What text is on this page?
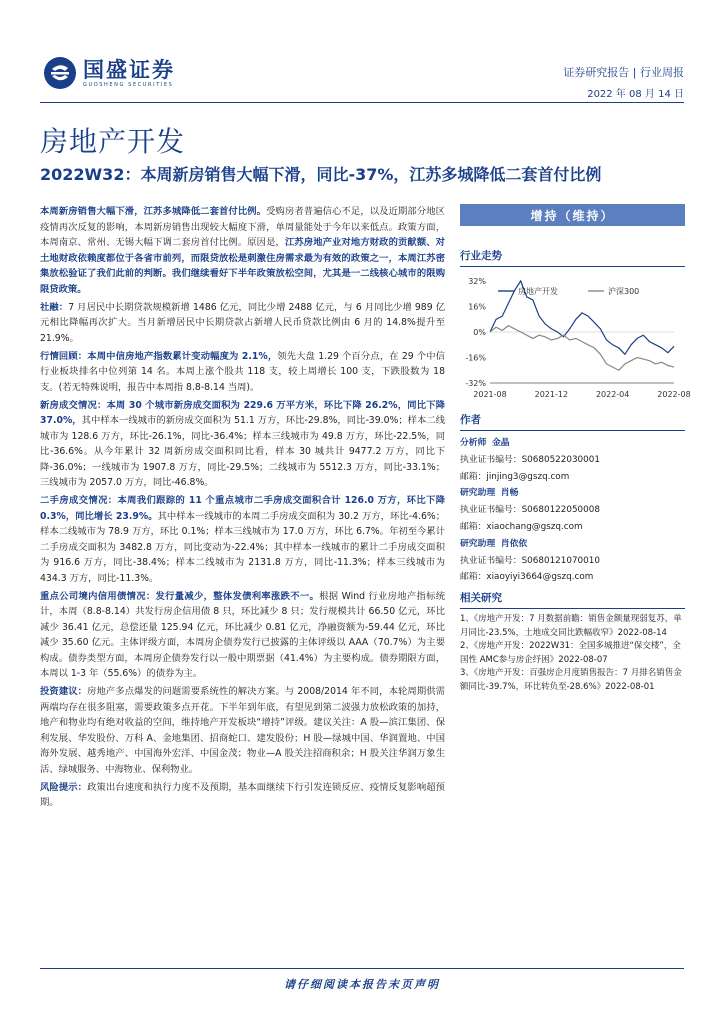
国盛证券
GUOSHENG SECURITIES
证券研究报告 | 行业周报
2022 年 08 月 14 日
房地产开发
2022W32：本周新房销售大幅下滑，同比-37%，江苏多城降低二套首付比例

本周新房销售大幅下滑，江苏多城降低二套首付比例。受购房者普遍信心不足，以及近期部分地区疫情再次反复的影响，本周新房销售出现较大幅度下滑，单周量能处于今年以来低点。政策方面，本周南京、常州、无锡大幅下调二套房首付比例。原因是，江苏房地产业对地方财政的贡献额、对土地财政依赖度都位于各省市前列，而限贷放松是刺激住房需求最为有效的政策之一，本周江苏密集放松验证了我们此前的判断。我们继续看好下半年政策放松空间，尤其是一二线核心城市的限购限贷政策。

社融：7 月居民中长期贷款规模新增 1486 亿元，同比少增 2488 亿元，与 6 月同比少增 989 亿元相比降幅再次扩大。当月新增居民中长期贷款占新增人民币贷款比例由 6 月的 14.8%提升至 21.9%。

行情回顾：本周中信房地产指数累计变动幅度为 2.1%，领先大盘 1.29 个百分点，在 29 个中信行业板块排名中位列第 14 名。本周上涨个股共 118 支，较上周增长 100 支，下跌股数为 18 支。(若无特殊说明，报告中本周指 8.8-8.14 当周)。

新房成交情况：本周 30 个城市新房成交面积为 229.6 万平方米，环比下降 26.2%，同比下降 37.0%，其中样本一线城市的新房成交面积为 51.1 万方，环比-29.8%，同比-39.0%；样本二线城市为 128.6 万方，环比-26.1%，同比-36.4%；样本三线城市为 49.8 万方，环比-22.5%，同比-36.6%。从今年累计 32 周新房成交面积同比看，样本 30 城共计 9477.2 万方，同比下降-36.0%；一线城市为 1907.8 万方，同比-29.5%；二线城市为 5512.3 万方，同比-33.1%；三线城市为 2057.0 万方，同比-46.8%。

二手房成交情况：本周我们跟踪的 11 个重点城市二手房成交面积合计 126.0 万方，环比下降 0.3%，同比增长 23.9%。其中样本一线城市的本周二手房成交面积为 30.2 万方，环比-4.6%；样本二线城市为 78.9 万方，环比 0.1%；样本三线城市为 17.0 万方，环比 6.7%。年初至今累计二手房成交面积为 3482.8 万方，同比变动为-22.4%；其中样本一线城市的累计二手房成交面积为 916.6 万方，同比-38.4%；样本二线城市为 2131.8 万方，同比-11.3%；样本三线城市为 434.3 万方，同比-11.3%。

重点公司境内信用债情况：发行量减少，整体发债利率涨跌不一。根据 Wind 行业房地产指标统计，本周（8.8-8.14）共发行房企信用债 8 只，环比减少 8 只；发行规模共计 66.50 亿元，环比减少 36.41 亿元，总偿还量 125.94 亿元，环比减少 0.81 亿元，净融资额为-59.44 亿元，环比减少 35.60 亿元。主体评级方面，本周房企债券发行已披露的主体评级以 AAA（70.7%）为主要构成。债券类型方面，本周房企债券发行以一般中期票据（41.4%）为主要构成。债券期限方面，本周以 1-3 年（55.6%）的债券为主。

投资建议：房地产多点爆发的问题需要系统性的解决方案。与 2008/2014 年不同，本轮周期供需两端均存在很多阻塞，需要政策多点开花。下半年到年底，有望见到第二波强力放松政策的加持，地产和物业均有绝对收益的空间，维持地产开发板块“增持”评级。建议关注：A 股—滨江集团、保利发展、华发股份、万科 A、金地集团、招商蛇口、建发股份；H 股—绿城中国、华润置地、中国海外发展、越秀地产、中国海外宏洋、中国金茂；物业—A 股关注招商积余；H 股关注华润万象生活、绿城服务、中海物业、保利物业。

风险提示：政策出台速度和执行力度不及预期，基本面继续下行引发连锁反应、疫情反复影响超预期。

增持（维持）
行业走势
32%
16%
0%
-16%
-32%
2021-08	2021-12	2022-04	2022-08
房地产开发	沪深300
作者
分析师 金晶
执业证书编号：S0680522030001
邮箱：jinjing3@gszq.com
研究助理 肖畅
执业证书编号：S0680122050008
邮箱：xiaochang@gszq.com
研究助理 肖依依
执业证书编号：S0680121070010
邮箱：xiaoyiyi3664@gszq.com
相关研究
1、《房地产开发：7 月数据前瞻：销售金额量现弱复苏，单月同比-23.5%，土地成交同比跌幅收窄》2022-08-14
2、《房地产开发：2022W31：全国多城推进“保交楼”，全国性 AMC参与房企纾困》2022-08-07
3、《房地产开发：百强房企月度销售报告：7 月排名销售金额同比-39.7%，环比转负至-28.6%》2022-08-01
请仔细阅读本报告末页声明
